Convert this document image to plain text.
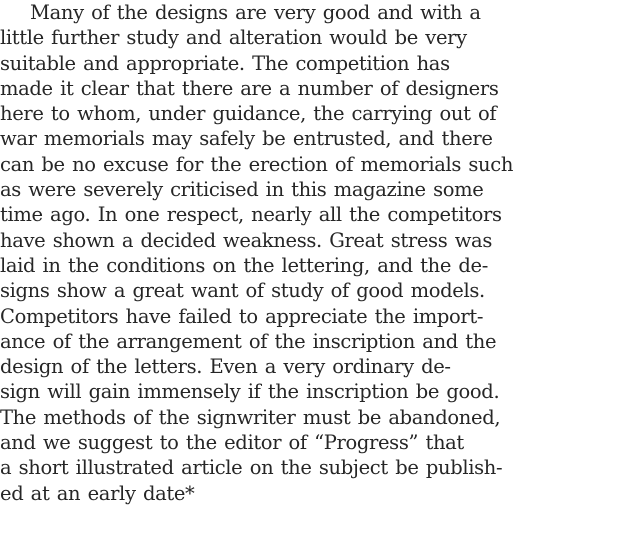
Many of the designs are very good and with a
little further study and alteration would be very
suitable and appropriate. The competition has
made it clear that there are a number of designers
here to whom, under guidance, the carrying out of
war memorials may safely be entrusted, and there
can be no excuse for the erection of memorials such
as were severely criticised in this magazine some
time ago. In one respect, nearly all the competitors
have shown a decided weakness. Great stress was
laid in the conditions on the lettering, and the de-
signs show a great want of study of good models.
Competitors have failed to appreciate the import-
ance of the arrangement of the inscription and the
design of the letters. Even a very ordinary de-
sign will gain immensely if the inscription be good.
The methods of the signwriter must be abandoned,
and we suggest to the editor of “Progress” that
a short illustrated article on the subject be publish-
ed at an early date*
